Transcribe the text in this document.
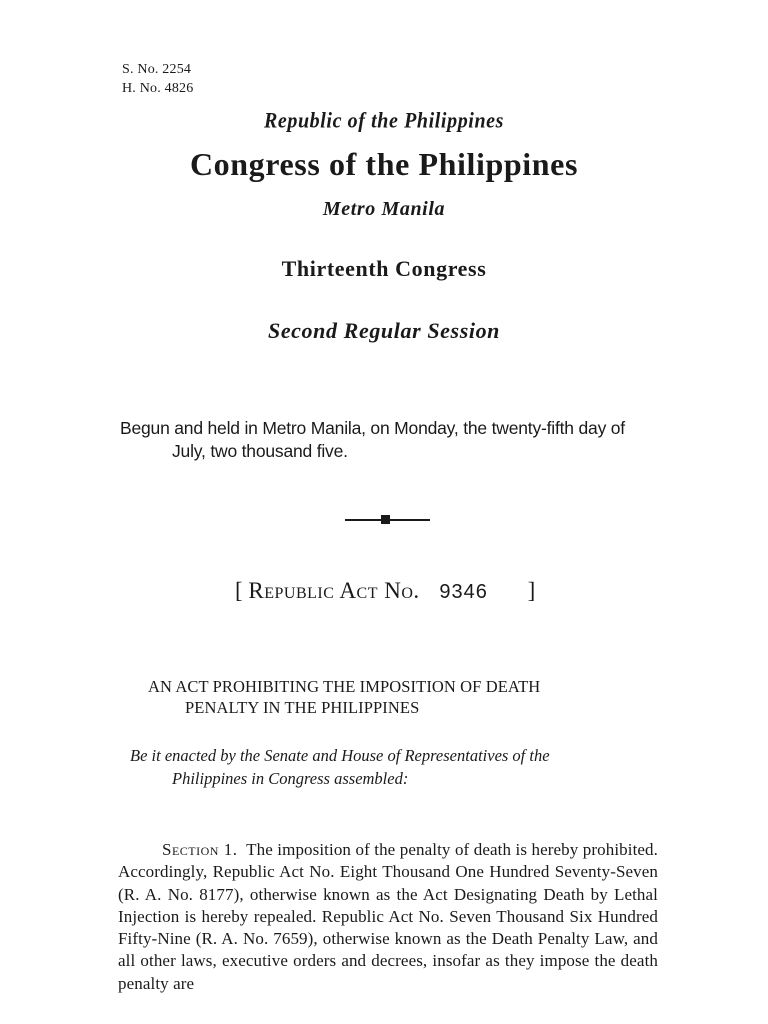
S. No. 2254
H. No. 4826
Republic of the Philippines
Congress of the Philippines
Metro Manila
Thirteenth Congress
Second Regular Session
Begun and held in Metro Manila, on Monday, the twenty-fifth day of
July, two thousand five.
[ Republic Act No. 9346 ]
AN ACT PROHIBITING THE IMPOSITION OF DEATH
PENALTY IN THE PHILIPPINES
Be it enacted by the Senate and House of Representatives of the
Philippines in Congress assembled:
Section 1. The imposition of the penalty of death is hereby prohibited. Accordingly, Republic Act No. Eight Thousand One Hundred Seventy-Seven (R. A. No. 8177), otherwise known as the Act Designating Death by Lethal Injection is hereby repealed. Republic Act No. Seven Thousand Six Hundred Fifty-Nine (R. A. No. 7659), otherwise known as the Death Penalty Law, and all other laws, executive orders and decrees, insofar as they impose the death penalty are
